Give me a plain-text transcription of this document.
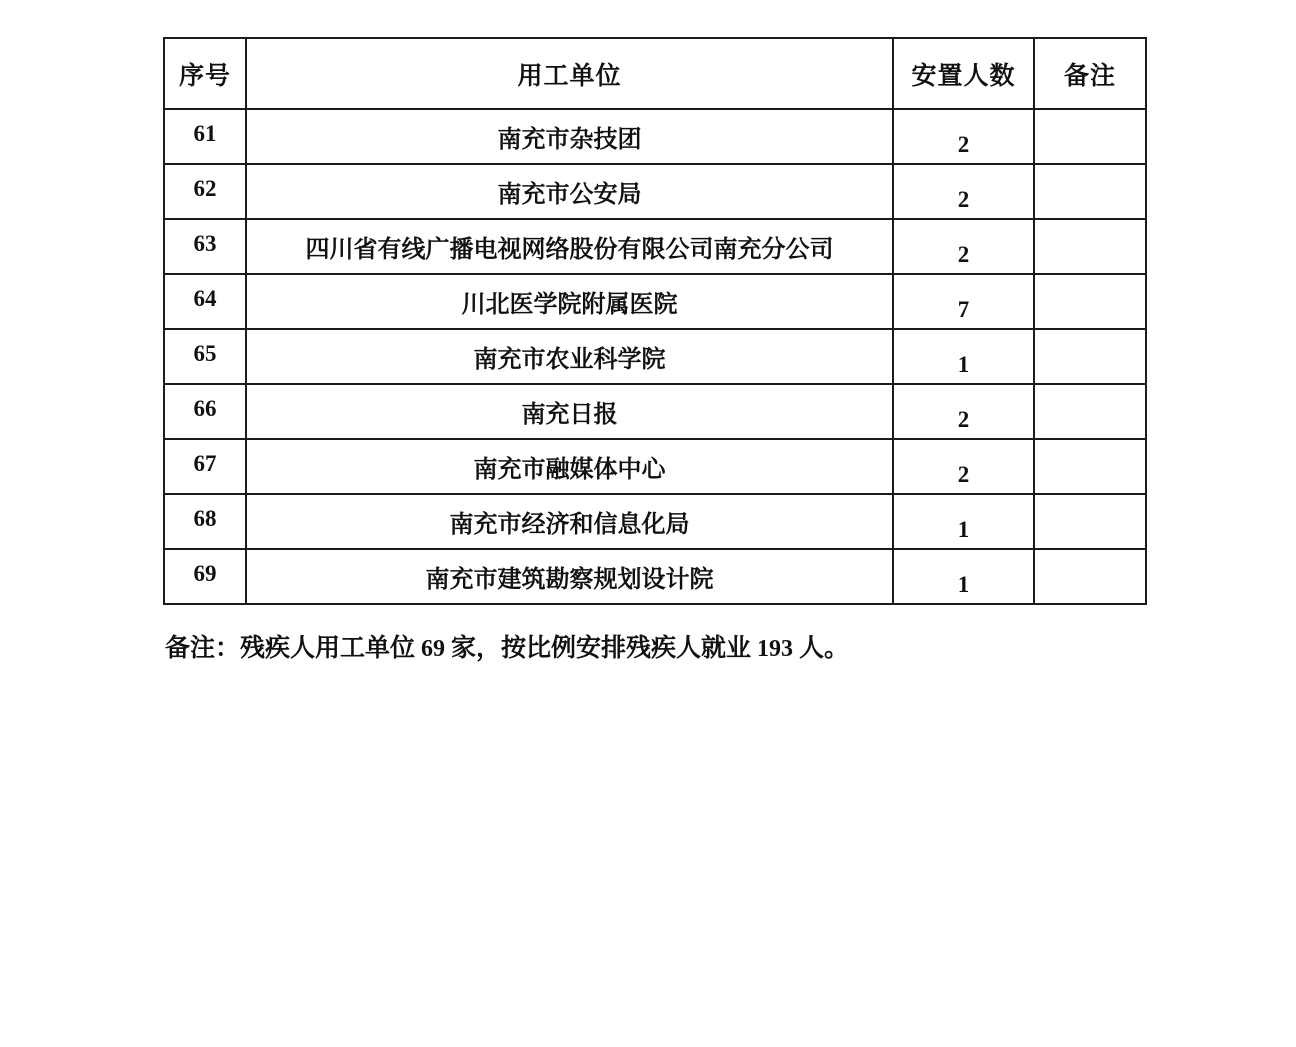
序号	用工单位	安置人数	备注
61	南充市杂技团	2	
62	南充市公安局	2	
63	四川省有线广播电视网络股份有限公司南充分公司	2	
64	川北医学院附属医院	7	
65	南充市农业科学院	1	
66	南充日报	2	
67	南充市融媒体中心	2	
68	南充市经济和信息化局	1	
69	南充市建筑勘察规划设计院	1	

备注：残疾人用工单位 69 家，按比例安排残疾人就业 193 人。
